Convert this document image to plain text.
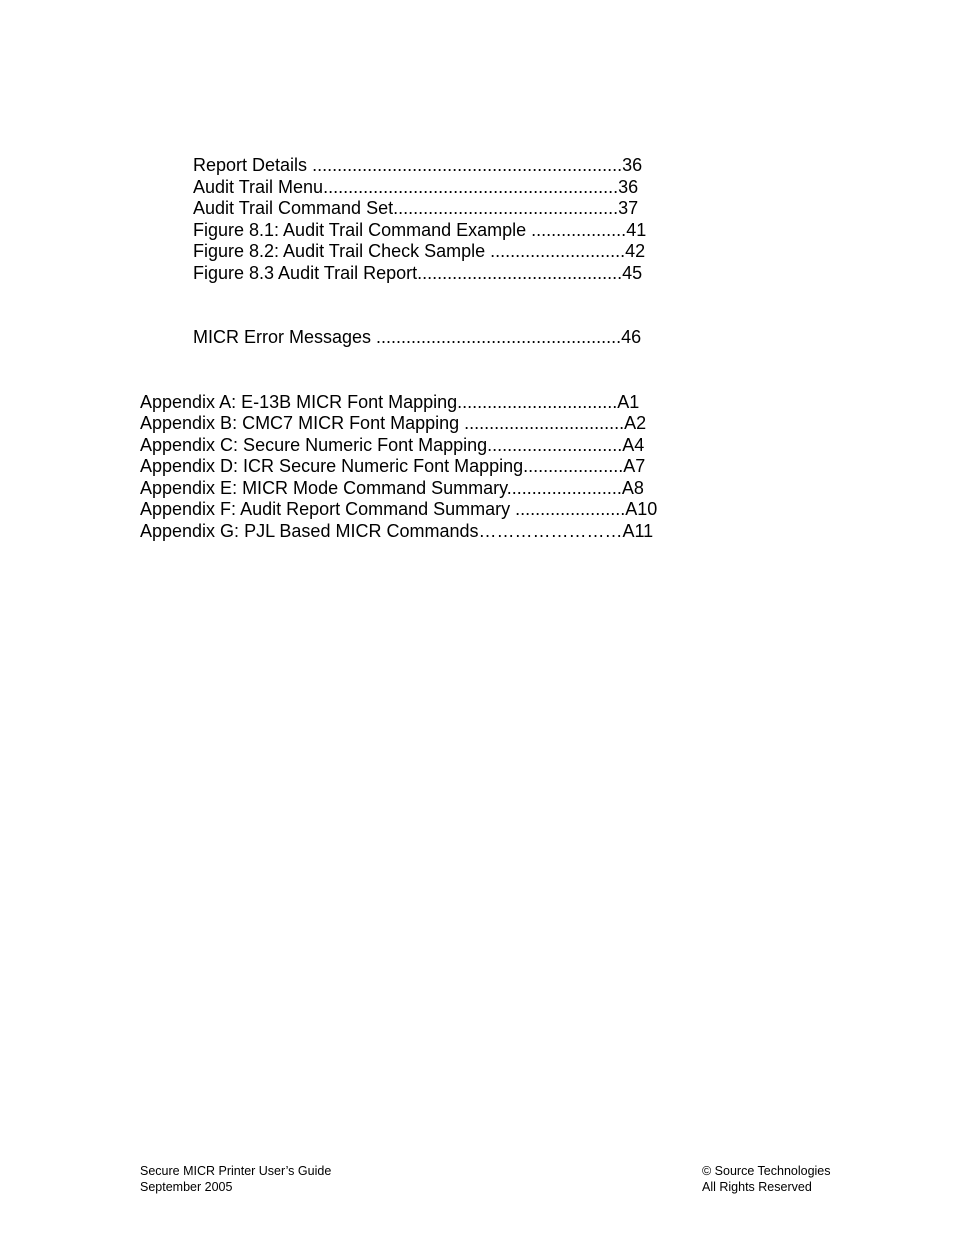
Report Details ..............................................................36
Audit Trail Menu...........................................................36
Audit Trail Command Set.............................................37
Figure 8.1: Audit Trail Command Example ...................41
Figure 8.2: Audit Trail Check Sample ...........................42
Figure 8.3 Audit Trail Report.........................................45
MICR Error Messages .................................................46
Appendix A: E-13B MICR Font Mapping................................A1
Appendix B: CMC7 MICR Font Mapping ................................A2
Appendix C: Secure Numeric Font Mapping...........................A4
Appendix D: ICR Secure Numeric Font Mapping....................A7
Appendix E: MICR Mode Command Summary.......................A8
Appendix F: Audit Report Command Summary ......................A10
Appendix G: PJL Based MICR Commands……………………A11
Secure MICR Printer User’s Guide
September 2005
© Source Technologies
All Rights Reserved
